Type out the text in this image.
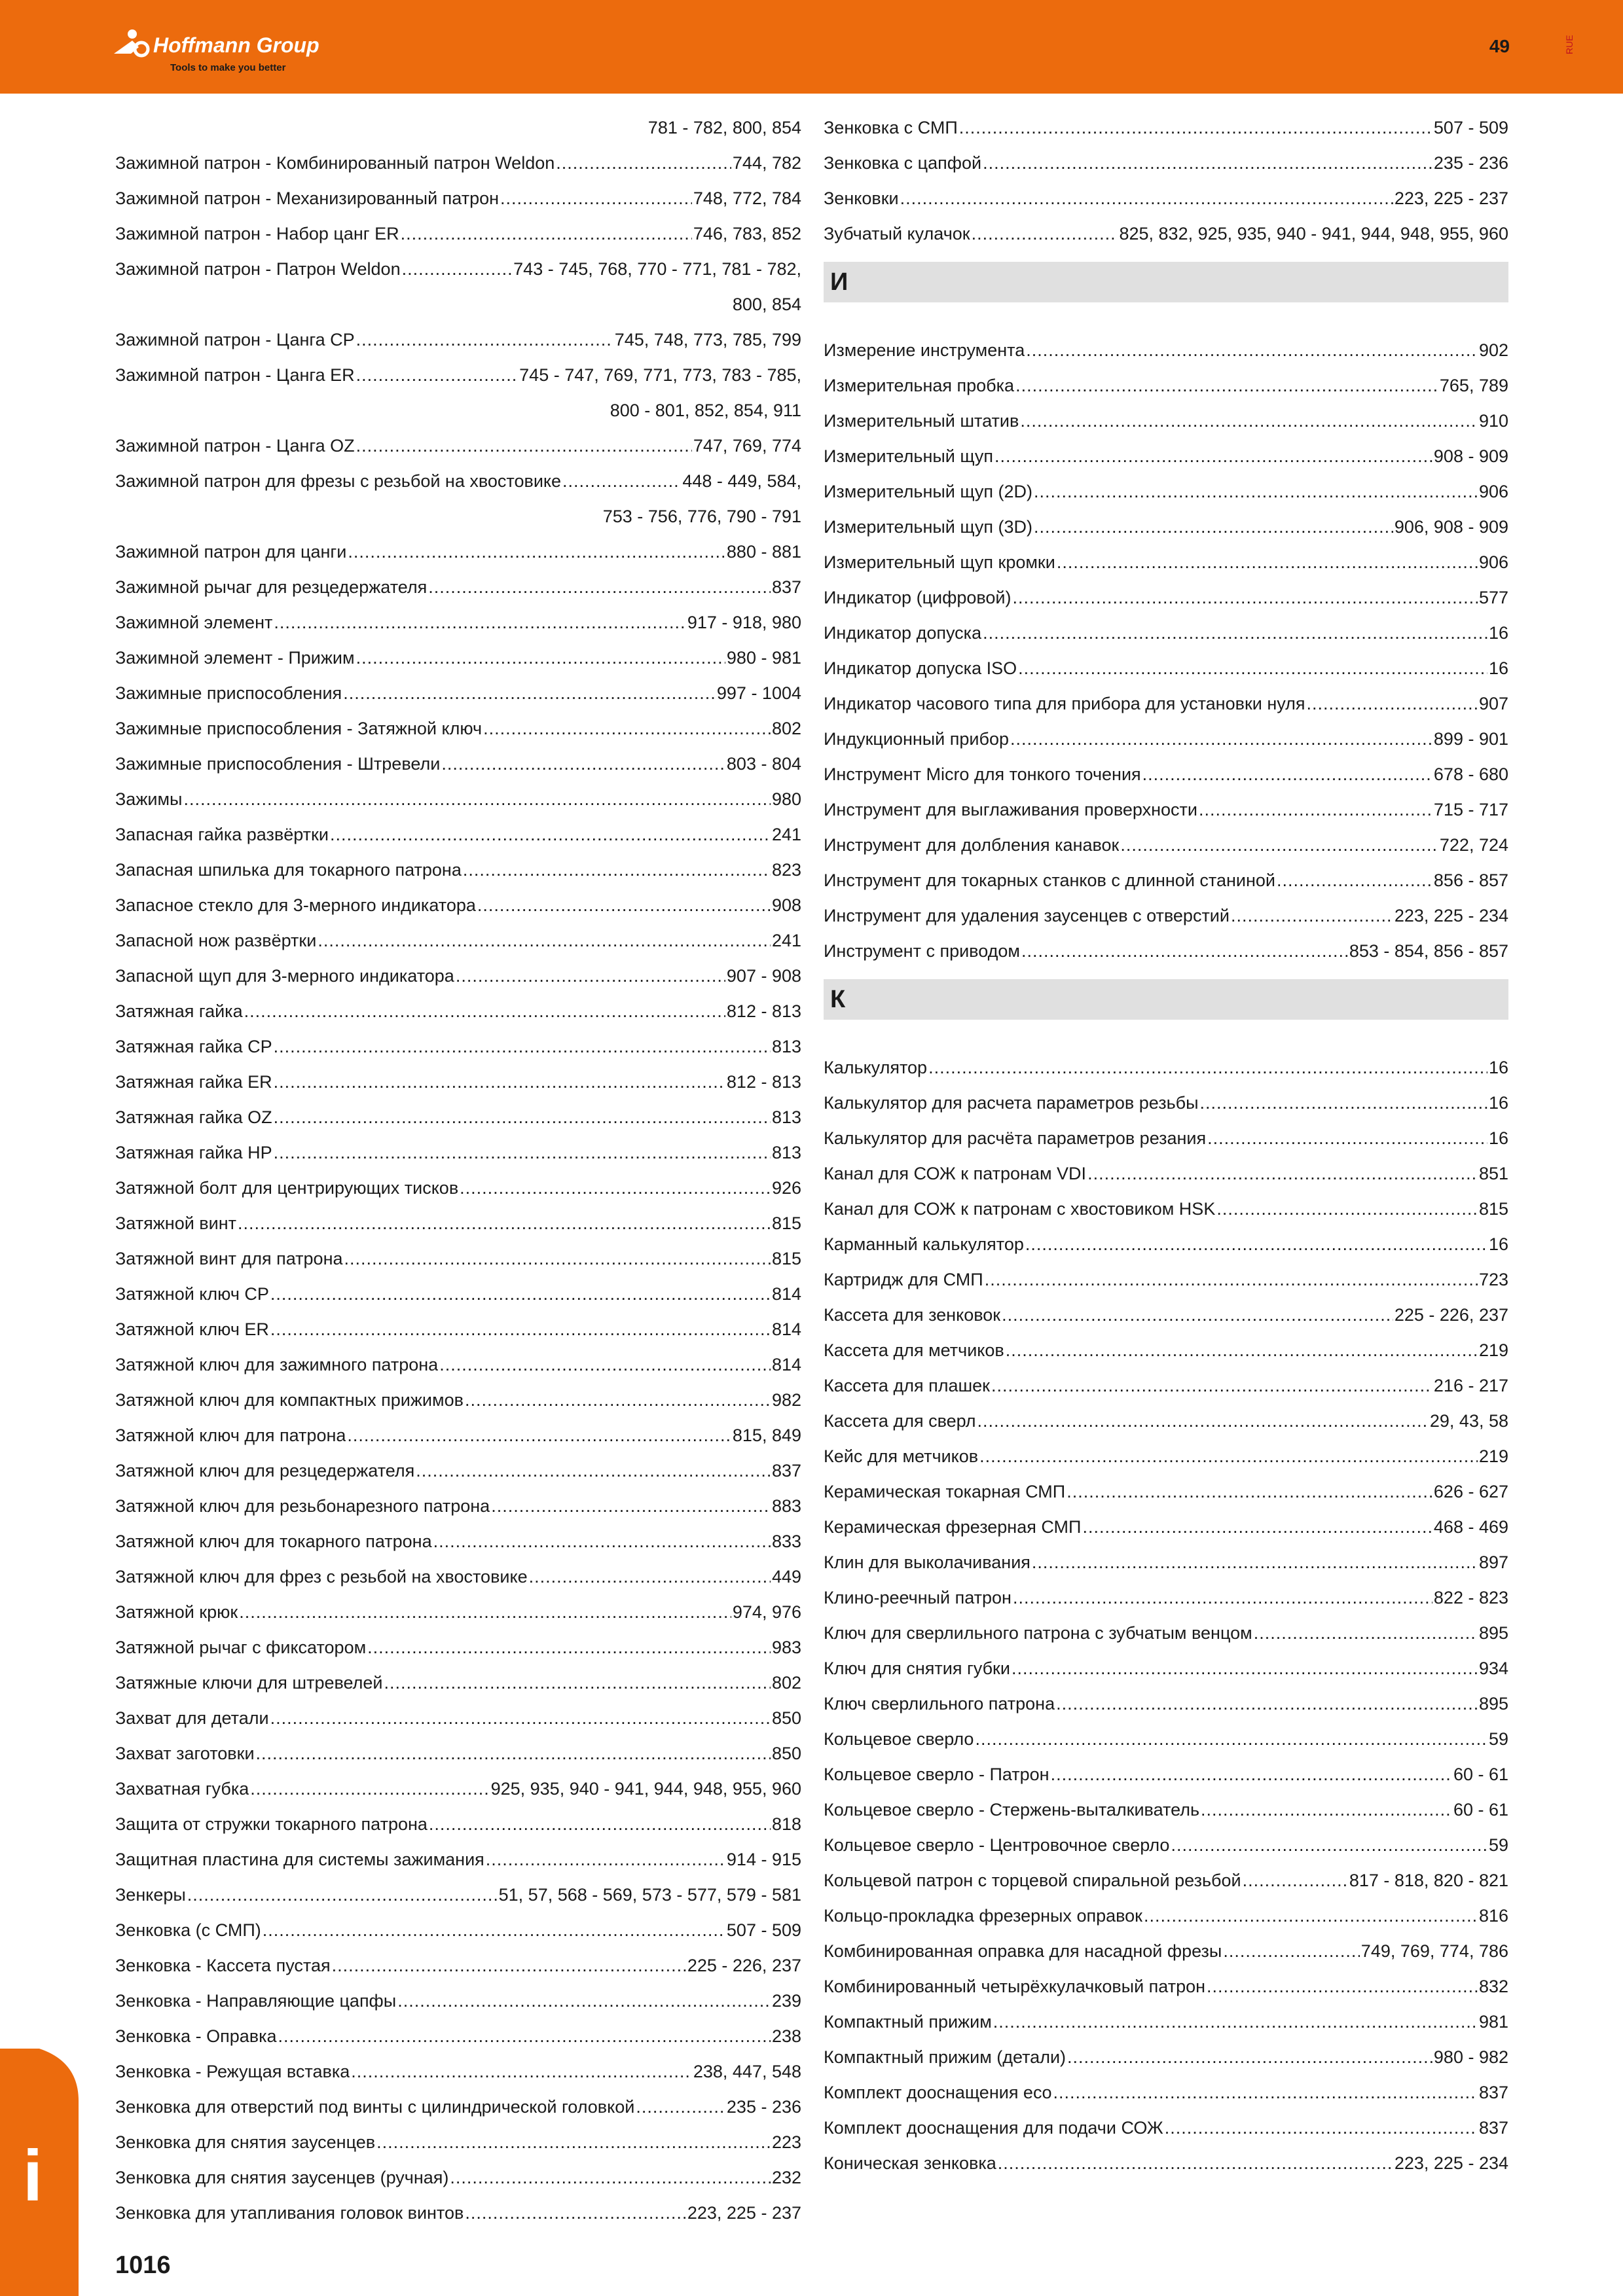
Hoffmann Group
Tools to make you better
49	RUE
781 - 782, 800, 854
Зажимной патрон - Комбинированный патрон Weldon .....	744, 782
Зажимной патрон - Механизированный патрон .....	748, 772, 784
Зажимной патрон - Набор цанг ER .....	746, 783, 852
Зажимной патрон - Патрон Weldon .....	743 - 745, 768, 770 - 771, 781 - 782,
800, 854
Зажимной патрон - Цанга CP .....	745, 748, 773, 785, 799
Зажимной патрон - Цанга ER .....	745 - 747, 769, 771, 773, 783 - 785,
800 - 801, 852, 854, 911
Зажимной патрон - Цанга OZ .....	747, 769, 774
Зажимной патрон для фрезы с резьбой на хвостовике .....	448 - 449, 584,
753 - 756, 776, 790 - 791
Зажимной патрон для цанги .....	880 - 881
Зажимной рычаг для резцедержателя .....	837
Зажимной элемент .....	917 - 918, 980
Зажимной элемент - Прижим .....	980 - 981
Зажимные приспособления .....	997 - 1004
Зажимные приспособления - Затяжной ключ .....	802
Зажимные приспособления - Штревели .....	803 - 804
Зажимы .....	980
Запасная гайка развёртки .....	241
Запасная шпилька для токарного патрона .....	823
Запасное стекло для 3-мерного индикатора .....	908
Запасной нож развёртки .....	241
Запасной щуп для 3-мерного индикатора .....	907 - 908
Затяжная гайка .....	812 - 813
Затяжная гайка CP .....	813
Затяжная гайка ER .....	812 - 813
Затяжная гайка OZ .....	813
Затяжная гайка HP .....	813
Затяжной болт для центрирующих тисков .....	926
Затяжной винт .....	815
Затяжной винт для патрона .....	815
Затяжной ключ CP .....	814
Затяжной ключ ER .....	814
Затяжной ключ для зажимного патрона .....	814
Затяжной ключ для компактных прижимов .....	982
Затяжной ключ для патрона .....	815, 849
Затяжной ключ для резцедержателя .....	837
Затяжной ключ для резьбонарезного патрона .....	883
Затяжной ключ для токарного патрона .....	833
Затяжной ключ для фрез с резьбой на хвостовике .....	449
Затяжной крюк .....	974, 976
Затяжной рычаг с фиксатором .....	983
Затяжные ключи для штревелей .....	802
Захват для детали .....	850
Захват заготовки .....	850
Захватная губка .....	925, 935, 940 - 941, 944, 948, 955, 960
Защита от стружки токарного патрона .....	818
Защитная пластина для системы зажимания .....	914 - 915
Зенкеры .....	51, 57, 568 - 569, 573 - 577, 579 - 581
Зенковка (с СМП) .....	507 - 509
Зенковка - Кассета пустая .....	225 - 226, 237
Зенковка - Направляющие цапфы .....	239
Зенковка - Оправка .....	238
Зенковка - Режущая вставка .....	238, 447, 548
Зенковка для отверстий под винты с цилиндрической головкой .....	235 - 236
Зенковка для снятия заусенцев .....	223
Зенковка для снятия заусенцев (ручная) .....	232
Зенковка для утапливания головок винтов .....	223, 225 - 237
Зенковка с СМП .....	507 - 509
Зенковка с цапфой .....	235 - 236
Зенковки .....	223, 225 - 237
Зубчатый кулачок .....	825, 832, 925, 935, 940 - 941, 944, 948, 955, 960
И
Измерение инструмента .....	902
Измерительная пробка .....	765, 789
Измерительный штатив .....	910
Измерительный щуп .....	908 - 909
Измерительный щуп (2D) .....	906
Измерительный щуп (3D) .....	906, 908 - 909
Измерительный щуп кромки .....	906
Индикатор (цифровой) .....	577
Индикатор допуска .....	16
Индикатор допуска ISO .....	16
Индикатор часового типа для прибора для установки нуля .....	907
Индукционный прибор .....	899 - 901
Инструмент Micro для тонкого точения .....	678 - 680
Инструмент для выглаживания проверхности .....	715 - 717
Инструмент для долбления канавок .....	722, 724
Инструмент для токарных станков с длинной станиной .....	856 - 857
Инструмент для удаления заусенцев с отверстий .....	223, 225 - 234
Инструмент с приводом .....	853 - 854, 856 - 857
К
Калькулятор .....	16
Калькулятор для расчета параметров резьбы .....	16
Калькулятор для расчёта параметров резания .....	16
Канал для СОЖ к патронам VDI .....	851
Канал для СОЖ к патронам с хвостовиком HSK .....	815
Карманный калькулятор .....	16
Картридж для СМП .....	723
Кассета для зенковок .....	225 - 226, 237
Кассета для метчиков .....	219
Кассета для плашек .....	216 - 217
Кассета для сверл .....	29, 43, 58
Кейс для метчиков .....	219
Керамическая токарная СМП .....	626 - 627
Керамическая фрезерная СМП .....	468 - 469
Клин для выколачивания .....	897
Клино-реечный патрон .....	822 - 823
Ключ для сверлильного патрона с зубчатым венцом .....	895
Ключ для снятия губки .....	934
Ключ сверлильного патрона .....	895
Кольцевое сверло .....	59
Кольцевое сверло - Патрон .....	60 - 61
Кольцевое сверло - Стержень-выталкиватель .....	60 - 61
Кольцевое сверло - Центровочное сверло .....	59
Кольцевой патрон с торцевой спиральной резьбой .....	817 - 818, 820 - 821
Кольцо-прокладка фрезерных оправок .....	816
Комбинированная оправка для насадной фрезы .....	749, 769, 774, 786
Комбинированный четырёхкулачковый патрон .....	832
Компактный прижим .....	981
Компактный прижим (детали) .....	980 - 982
Комплект дооснащения eco .....	837
Комплект дооснащения для подачи СОЖ .....	837
Коническая зенковка .....	223, 225 - 234
i
1016
